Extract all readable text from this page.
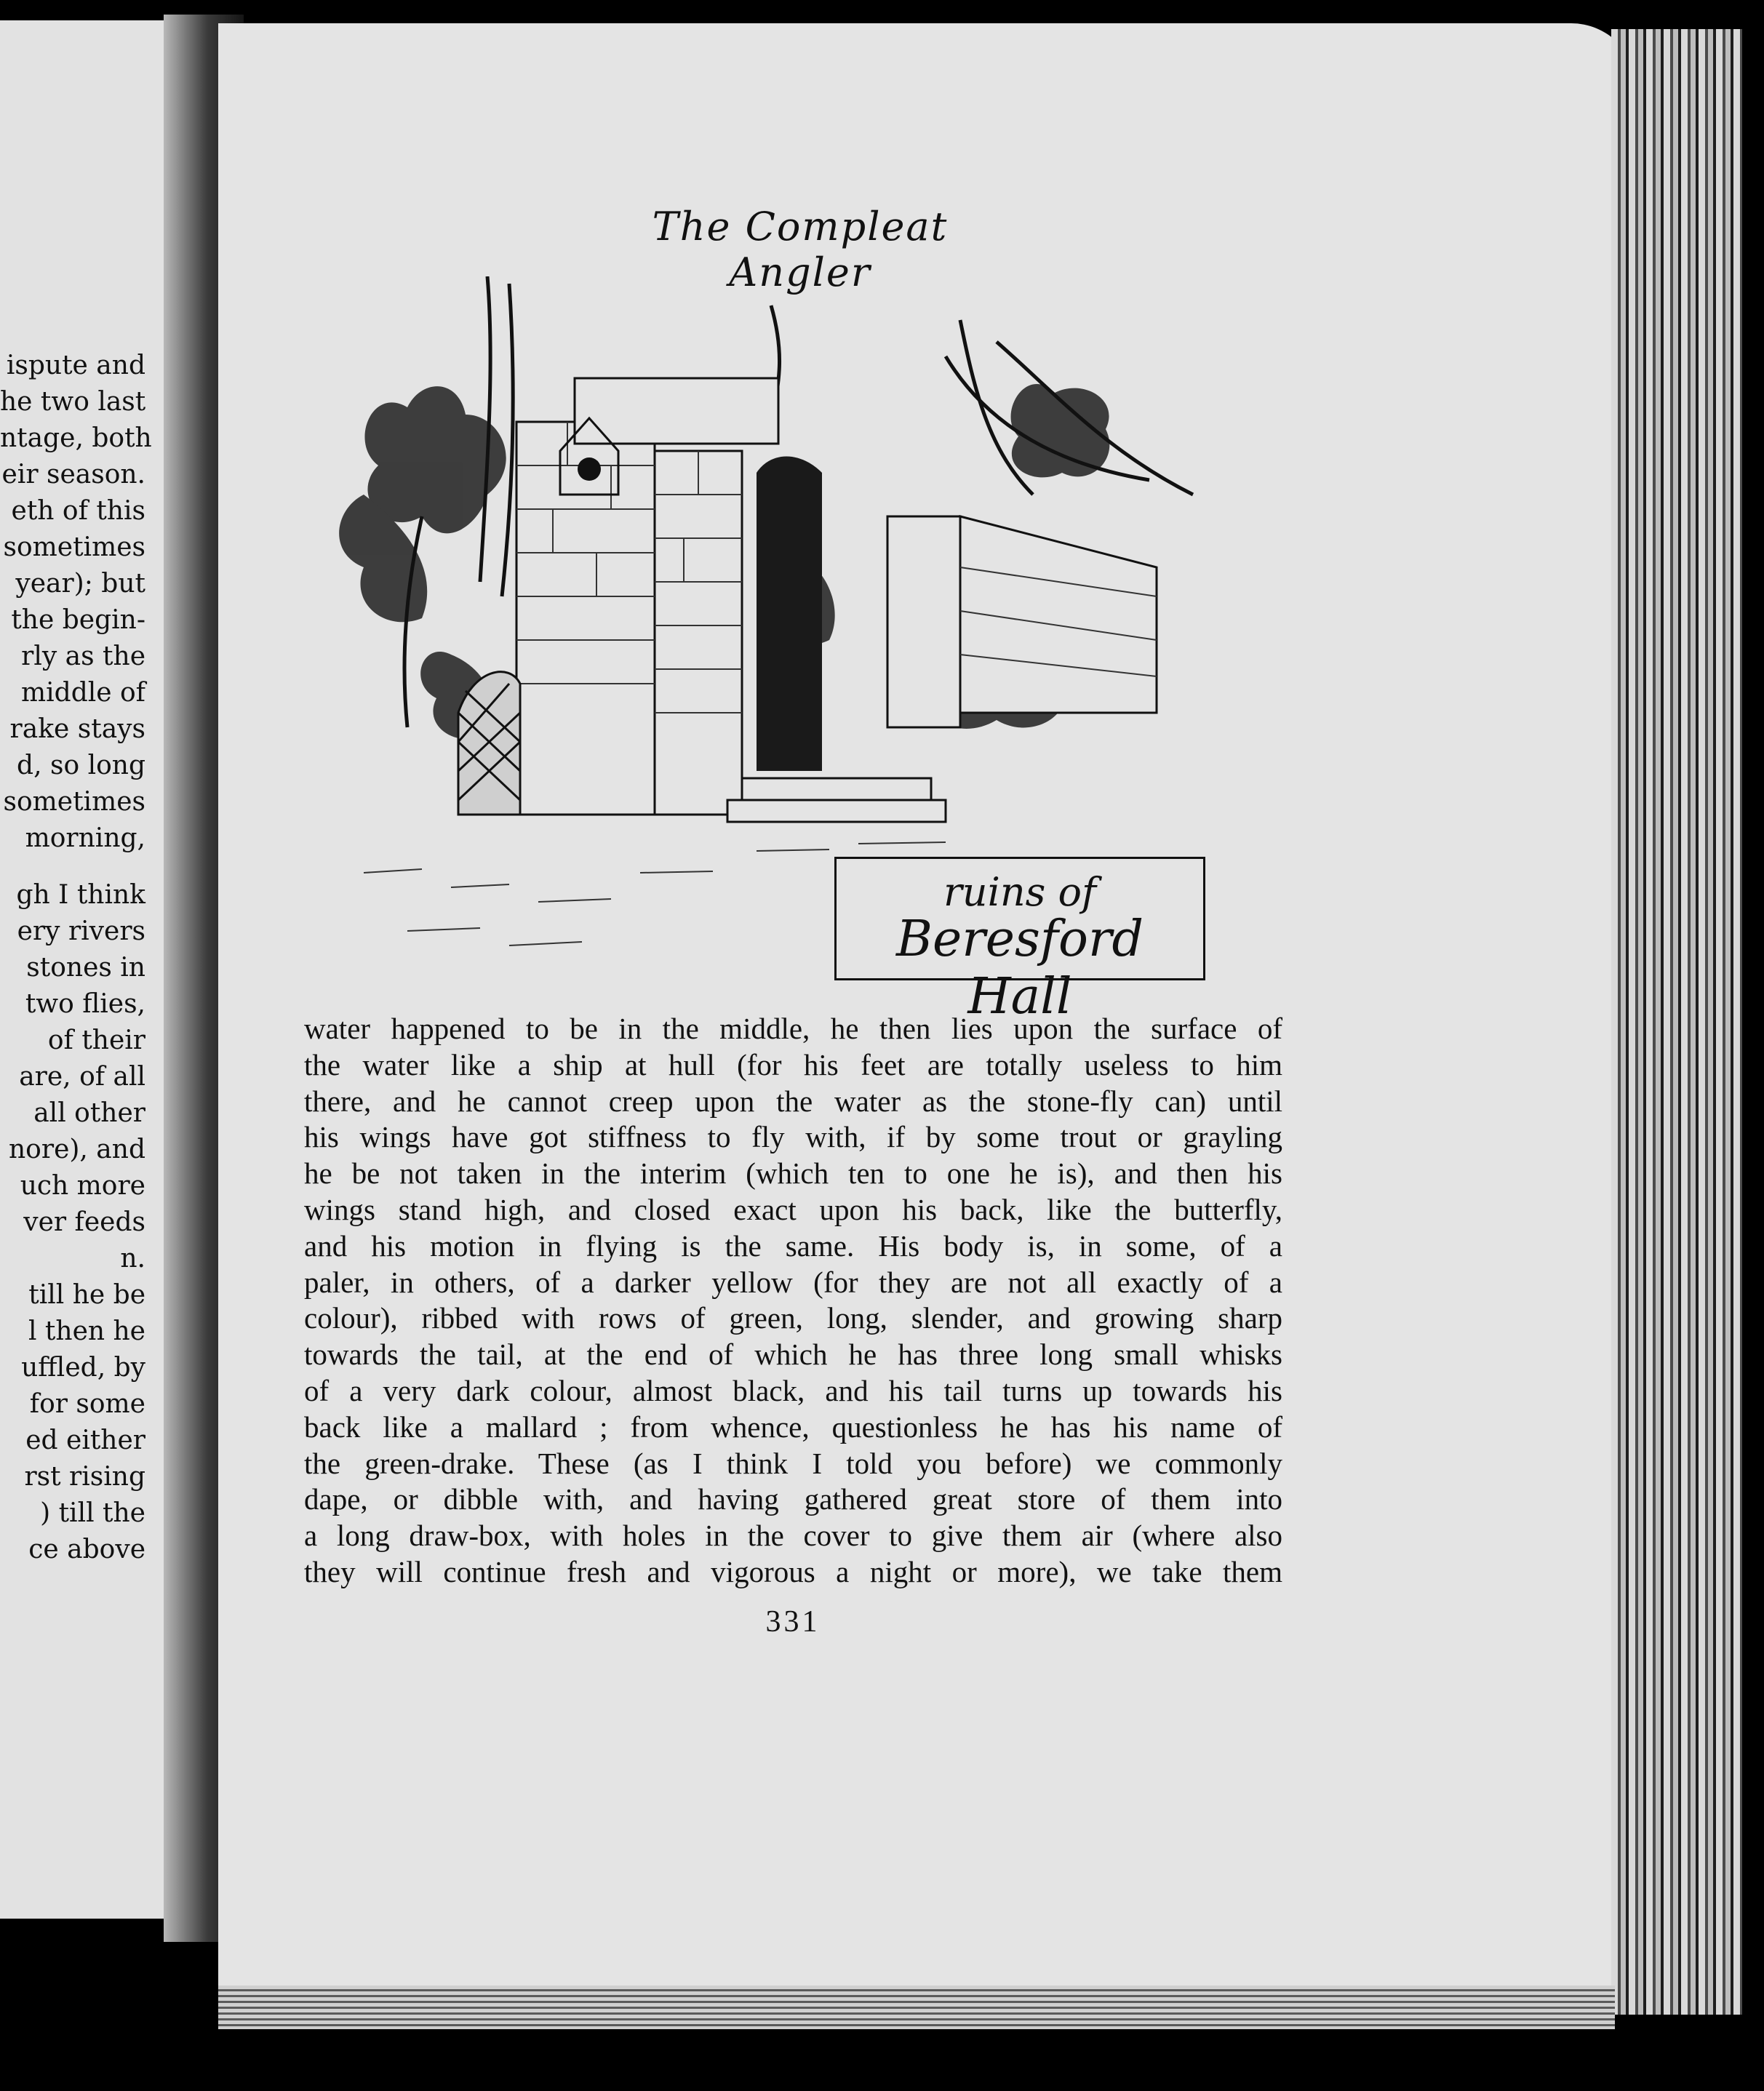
ispute and
he two last
ntage, both
eir season.
eth of this
sometimes
year); but
the begin-
rly as the
middle of
rake stays
d, so long
sometimes
morning,
gh I think
ery rivers
stones in
two flies,
of their
are, of all
all other
nore), and
uch more
ver feeds
n.
till he be
l then he
uffled, by
for some
ed either
rst rising
) till the
ce above
The Compleat Angler
ruins of
Beresford Hall
water happened to be in the middle, he then lies upon the surface of
the water like a ship at hull (for his feet are totally useless to him
there, and he cannot creep upon the water as the stone-fly can) until
his wings have got stiffness to fly with, if by some trout or grayling
he be not taken in the interim (which ten to one he is), and then his
wings stand high, and closed exact upon his back, like the butterfly,
and his motion in flying is the same. His body is, in some, of a
paler, in others, of a darker yellow (for they are not all exactly of a
colour), ribbed with rows of green, long, slender, and growing sharp
towards the tail, at the end of which he has three long small whisks
of a very dark colour, almost black, and his tail turns up towards his
back like a mallard ; from whence, questionless he has his name of
the green-drake. These (as I think I told you before) we commonly
dape, or dibble with, and having gathered great store of them into
a long draw-box, with holes in the cover to give them air (where also
they will continue fresh and vigorous a night or more), we take them
331
